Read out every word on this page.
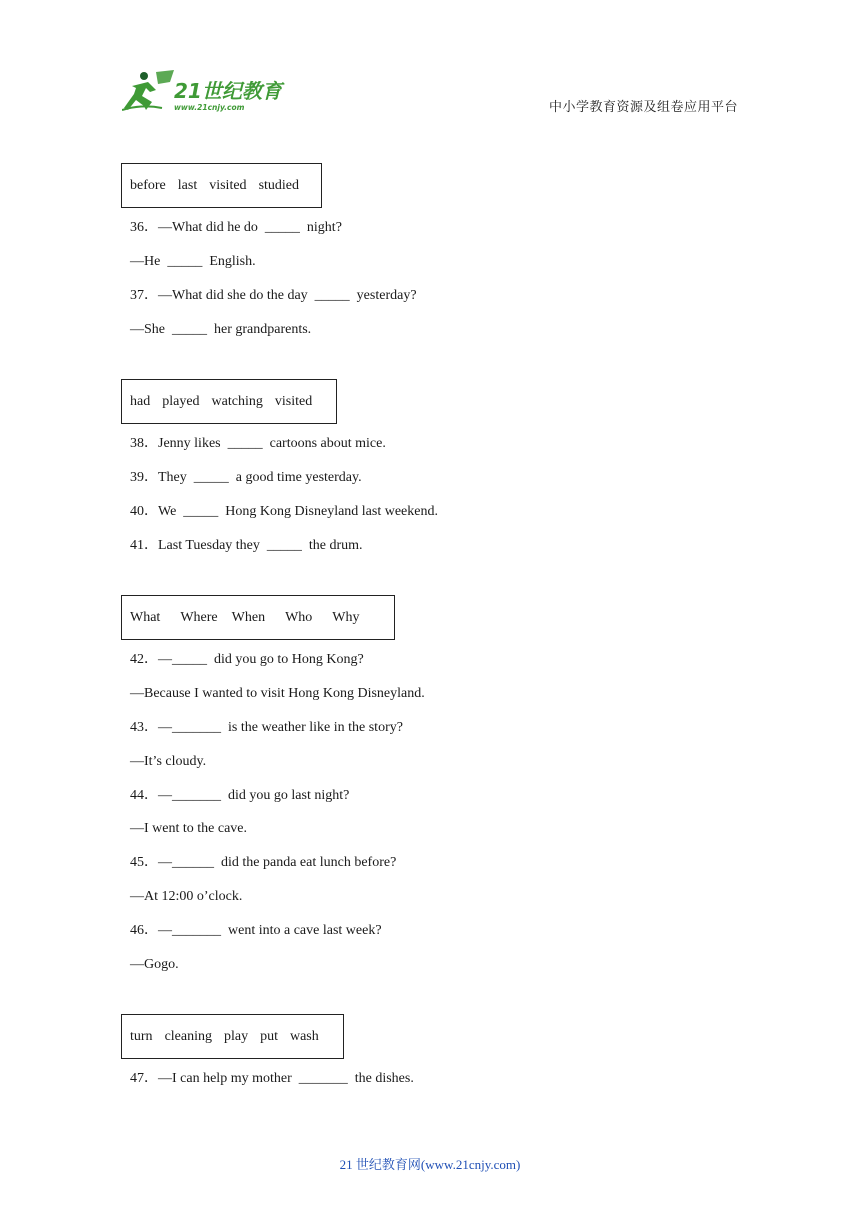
21世纪教育
www.21cnjy.com	中小学教育资源及组卷应用平台
before last visited studied
36．—What did he do  _____  night?
—He  _____  English.
37．—What did she do the day  _____  yesterday?
—She  _____  her grandparents.
had played watching visited
38．Jenny likes  _____  cartoons about mice.
39．They  _____  a good time yesterday.
40．We  _____  Hong Kong Disneyland last weekend.
41．Last Tuesday they  _____  the drum.
What Where When Who Why
42．—_____  did you go to Hong Kong?
—Because I wanted to visit Hong Kong Disneyland.
43．—_______  is the weather like in the story?
—It’s cloudy.
44．—_______  did you go last night?
—I went to the cave.
45．—______  did the panda eat lunch before?
—At 12:00 o’clock.
46．—_______  went into a cave last week?
—Gogo.
turn cleaning play put wash
47．—I can help my mother  _______  the dishes.
21 世纪教育网(www.21cnjy.com)
